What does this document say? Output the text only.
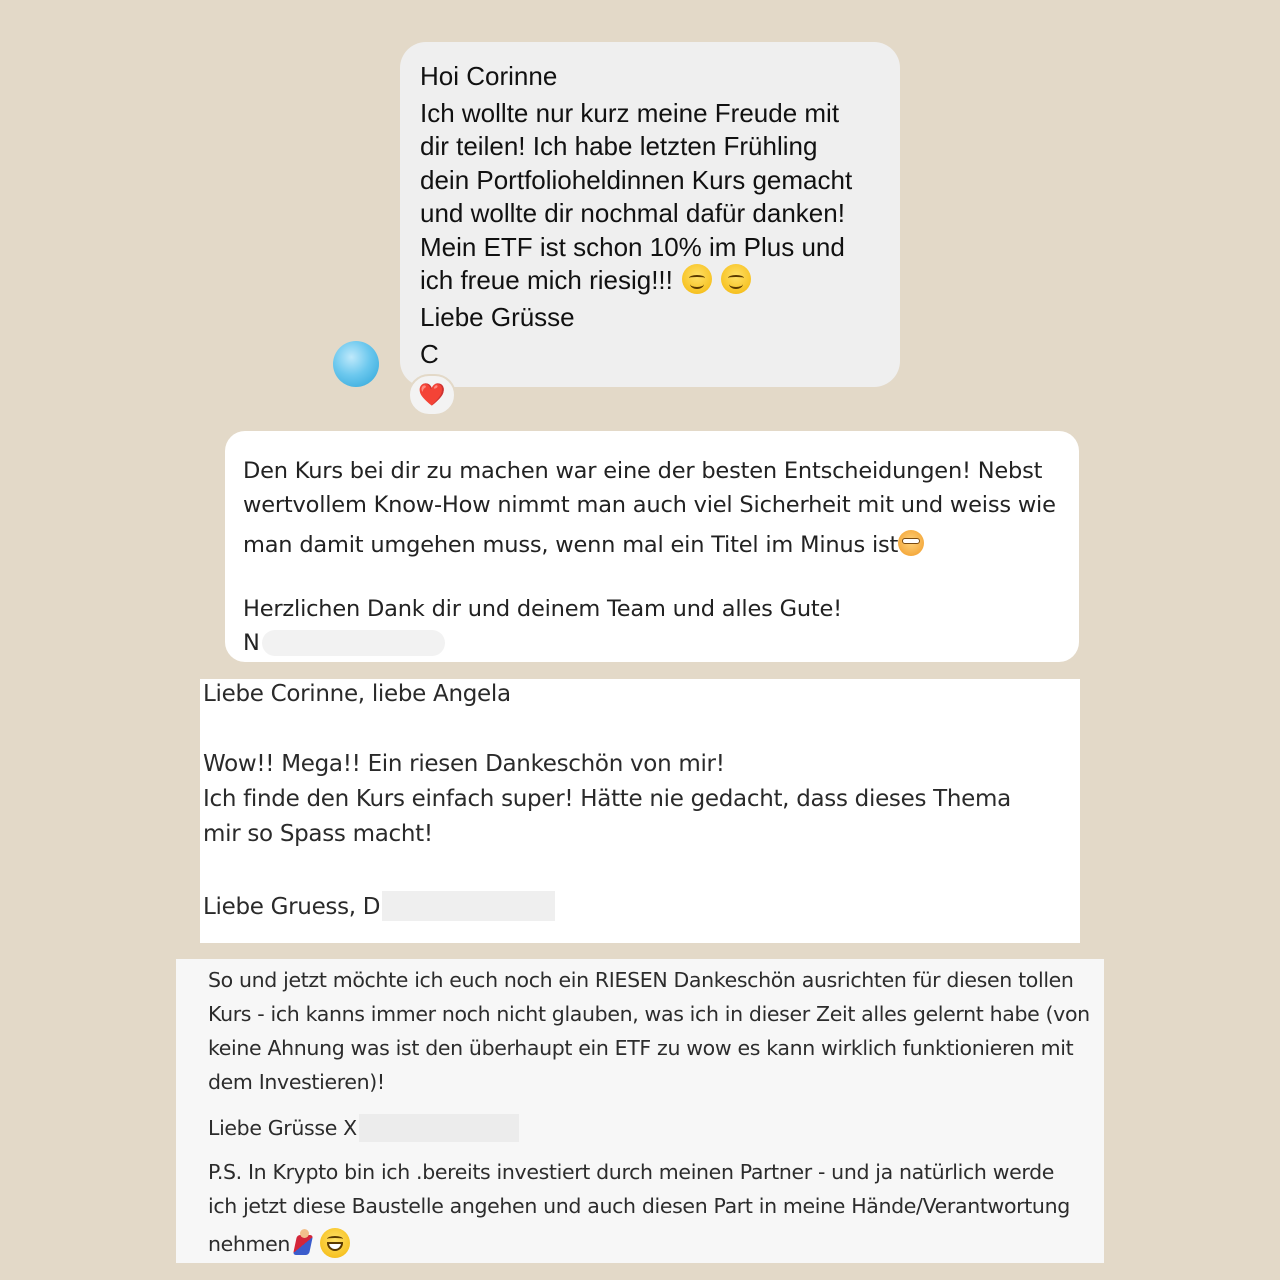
Hoi Corinne
Ich wollte nur kurz meine Freude mit
dir teilen! Ich habe letzten Frühling
dein Portfolioheldinnen Kurs gemacht
und wollte dir nochmal dafür danken!
Mein ETF ist schon 10% im Plus und
ich freue mich riesig!!!
Liebe Grüsse
C
❤️
Den Kurs bei dir zu machen war eine der besten Entscheidungen! Nebst
wertvollem Know-How nimmt man auch viel Sicherheit mit und weiss wie
man damit umgehen muss, wenn mal ein Titel im Minus ist
Herzlichen Dank dir und deinem Team und alles Gute!
N
Liebe Corinne, liebe Angela
Wow!! Mega!! Ein riesen Dankeschön von mir!
Ich finde den Kurs einfach super! Hätte nie gedacht, dass dieses Thema
mir so Spass macht!
Liebe Gruess, D
So und jetzt möchte ich euch noch ein RIESEN Dankeschön ausrichten für diesen tollen
Kurs - ich kanns immer noch nicht glauben, was ich in dieser Zeit alles gelernt habe (von
keine Ahnung was ist den überhaupt ein ETF zu wow es kann wirklich funktionieren mit
dem Investieren)!
Liebe Grüsse X
P.S. In Krypto bin ich .bereits investiert durch meinen Partner - und ja natürlich werde
ich jetzt diese Baustelle angehen und auch diesen Part in meine Hände/Verantwortung
nehmen
